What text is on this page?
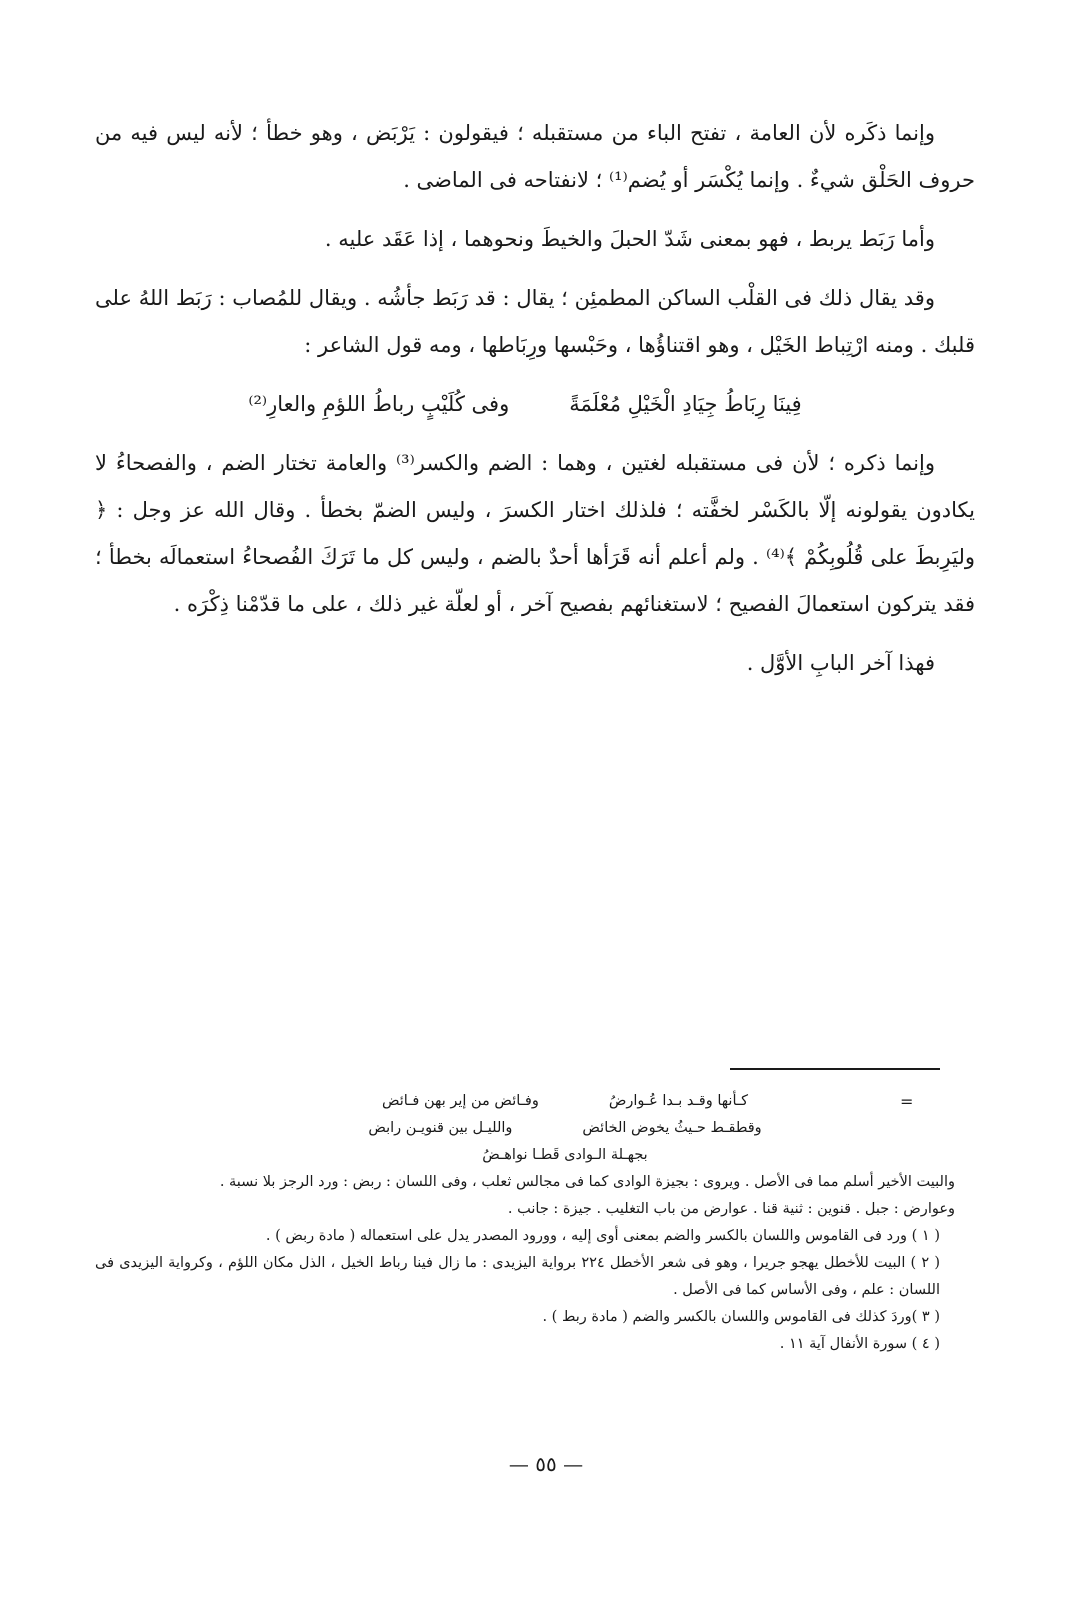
وإنما ذكَره لأن العامة ، تفتح الباء من مستقبله ؛ فيقولون : يَرْبَض ، وهو خطأ ؛ لأنه ليس فيه من حروف الحَلْق شيءٌ . وإنما يُكْسَر أو يُضم⁽¹⁾ ؛ لانفتاحه فى الماضى .

وأما رَبَط يربط ، فهو بمعنى شَدّ الحبلَ والخيطَ ونحوهما ، إذا عَقَد عليه .

وقد يقال ذلك فى القلْب الساكن المطمئِن ؛ يقال : قد رَبَط جأشُه . ويقال للمُصاب : رَبَط اللهُ على قلبك . ومنه ارْتِباط الخَيْل ، وهو اقتناؤُها ، وحَبْسها ورِبَاطها ، ومه قول الشاعر :

فِينَا رِبَاطُ جِيَادِ الْخَيْلِ مُعْلَمَةً
وفى كُلَيْبٍ رباطُ اللؤمِ والعارِ⁽²⁾

وإنما ذكره ؛ لأن فى مستقبله لغتين ، وهما : الضم والكسر⁽³⁾ والعامة تختار الضم ، والفصحاءُ لا يكادون يقولونه إلّا بالكَسْر لخفَّته ؛ فلذلك اختار الكسرَ ، وليس الضمّ بخطأ . وقال الله عز وجل : ﴿ وليَرِبطَ على قُلُوبِكُمْ ﴾⁽⁴⁾ . ولم أعلم أنه قَرَأها أحدٌ بالضم ، وليس كل ما تَرَكَ الفُصحاءُ استعمالَه بخطأ ؛ فقد يتركون استعمالَ الفصيح ؛ لاستغنائهم بفصيح آخر ، أو لعلّة غير ذلك ، على ما قدّمْنا ذِكْرَه .

فهذا آخر البابِ الأوَّل .

=
كـأنها وقـد بـدا عُـوارضُ
وفـائض من إير بهن فـائض
وقطقـط حـيثُ يخوض الخائض
والليـل بين قنويـن رابض
بجهـلة الـوادى قَطـا نواهـضُ

والبيت الأخير أسلم مما فى الأصل . ويروى : بجيزة الوادى كما فى مجالس ثعلب ، وفى اللسان : ربض : ورد الرجز بلا نسبة .

وعوارض : جبل . قنوين : ثنية قنا . عوارض من باب التغليب . جيزة : جانب .

( ١ ) ورد فى القاموس واللسان بالكسر والضم بمعنى أوى إليه ، وورود المصدر يدل على استعماله ( مادة ربض ) .

( ٢ ) البيت للأخطل يهجو جريرا ، وهو فى شعر الأخطل ٢٢٤ برواية اليزيدى : ما زال فينا رباط الخيل ، الذل مكان اللؤم ، وكرواية اليزيدى فى اللسان : علم ، وفى الأساس كما فى الأصل .

( ٣ )وردَ كذلك فى القاموس واللسان بالكسر والضم ( مادة ربط ) .

( ٤ ) سورة الأنفال آية ١١ .

— ٥٥ —
